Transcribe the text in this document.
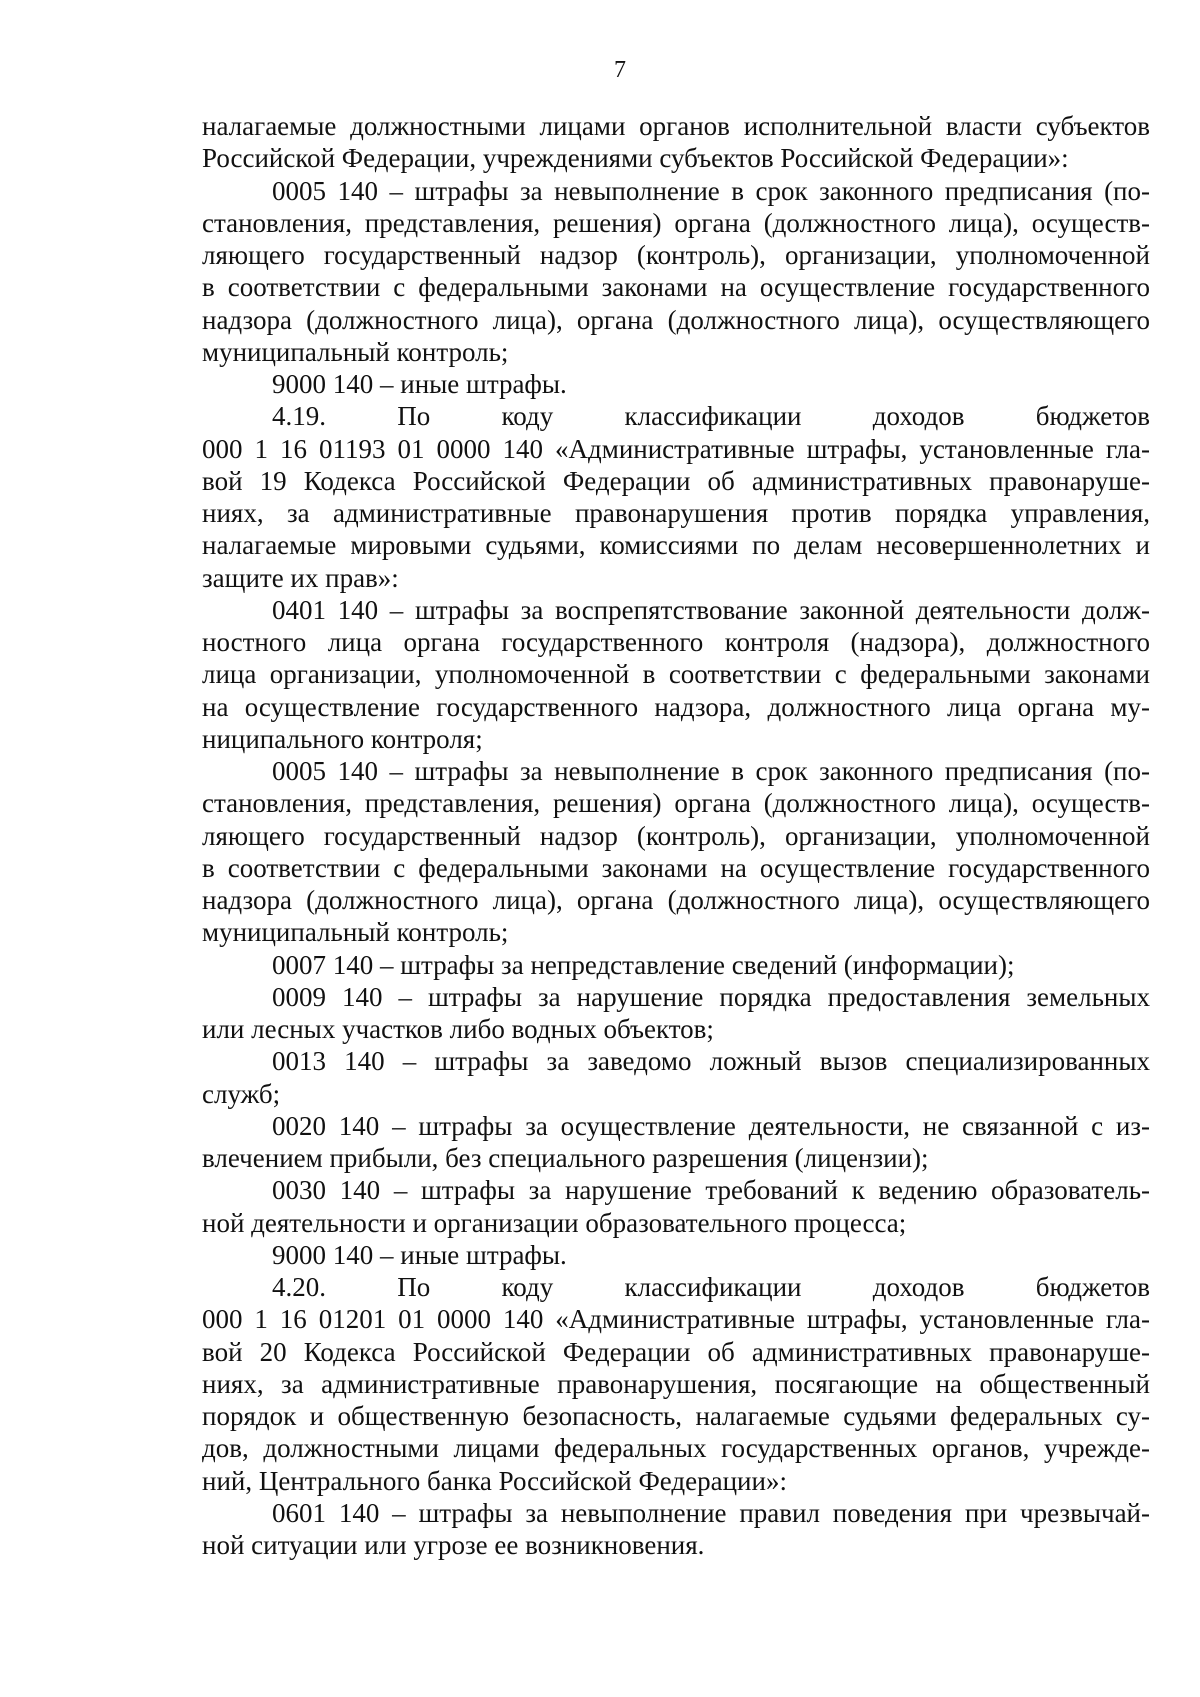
7
налагаемые должностными лицами органов исполнительной власти субъектов
Российской Федерации, учреждениями субъектов Российской Федерации»:
0005 140 – штрафы за невыполнение в срок законного предписания (по-
становления, представления, решения) органа (должностного лица), осуществ-
ляющего государственный надзор (контроль), организации, уполномоченной
в соответствии с федеральными законами на осуществление государственного
надзора (должностного лица), органа (должностного лица), осуществляющего
муниципальный контроль;
9000 140 – иные штрафы.
4.19. По коду классификации доходов бюджетов
000 1 16 01193 01 0000 140 «Административные штрафы, установленные гла-
вой 19 Кодекса Российской Федерации об административных правонаруше-
ниях, за административные правонарушения против порядка управления,
налагаемые мировыми судьями, комиссиями по делам несовершеннолетних и
защите их прав»:
0401 140 – штрафы за воспрепятствование законной деятельности долж-
ностного лица органа государственного контроля (надзора), должностного
лица организации, уполномоченной в соответствии с федеральными законами
на осуществление государственного надзора, должностного лица органа му-
ниципального контроля;
0005 140 – штрафы за невыполнение в срок законного предписания (по-
становления, представления, решения) органа (должностного лица), осуществ-
ляющего государственный надзор (контроль), организации, уполномоченной
в соответствии с федеральными законами на осуществление государственного
надзора (должностного лица), органа (должностного лица), осуществляющего
муниципальный контроль;
0007 140 – штрафы за непредставление сведений (информации);
0009 140 – штрафы за нарушение порядка предоставления земельных
или лесных участков либо водных объектов;
0013 140 – штрафы за заведомо ложный вызов специализированных
служб;
0020 140 – штрафы за осуществление деятельности, не связанной с из-
влечением прибыли, без специального разрешения (лицензии);
0030 140 – штрафы за нарушение требований к ведению образователь-
ной деятельности и организации образовательного процесса;
9000 140 – иные штрафы.
4.20. По коду классификации доходов бюджетов
000 1 16 01201 01 0000 140 «Административные штрафы, установленные гла-
вой 20 Кодекса Российской Федерации об административных правонаруше-
ниях, за административные правонарушения, посягающие на общественный
порядок и общественную безопасность, налагаемые судьями федеральных су-
дов, должностными лицами федеральных государственных органов, учрежде-
ний, Центрального банка Российской Федерации»:
0601 140 – штрафы за невыполнение правил поведения при чрезвычай-
ной ситуации или угрозе ее возникновения.
